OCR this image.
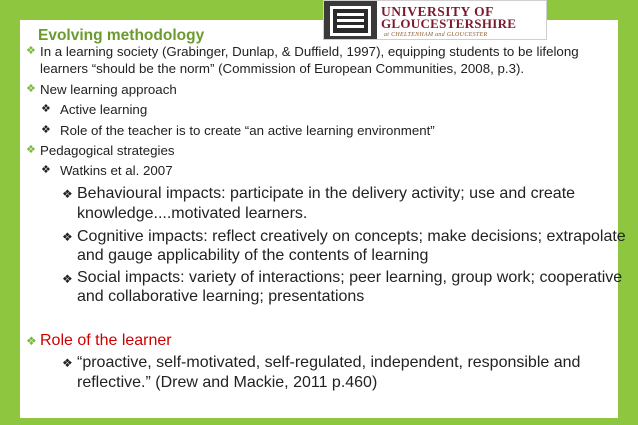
UNIVERSITY OF
GLOUCESTERSHIRE
at CHELTENHAM and GLOUCESTER
Evolving methodology
❖ In a learning society (Grabinger, Dunlap, & Duffield, 1997), equipping students to be lifelong
learners “should be the norm” (Commission of European Communities, 2008, p.3).
❖ New learning approach
❖ Active learning
❖ Role of the teacher is to create “an active learning environment”
❖ Pedagogical strategies
❖ Watkins et al. 2007
❖ Behavioural impacts: participate in the delivery activity; use and create
knowledge....motivated learners.
❖ Cognitive impacts: reflect creatively on concepts; make decisions; extrapolate
and gauge applicability of the contents of learning
❖ Social impacts: variety of interactions; peer learning, group work; cooperative
and collaborative learning; presentations
❖ Role of the learner
❖ “proactive, self-motivated, self-regulated, independent, responsible and
reflective.” (Drew and Mackie, 2011 p.460)
